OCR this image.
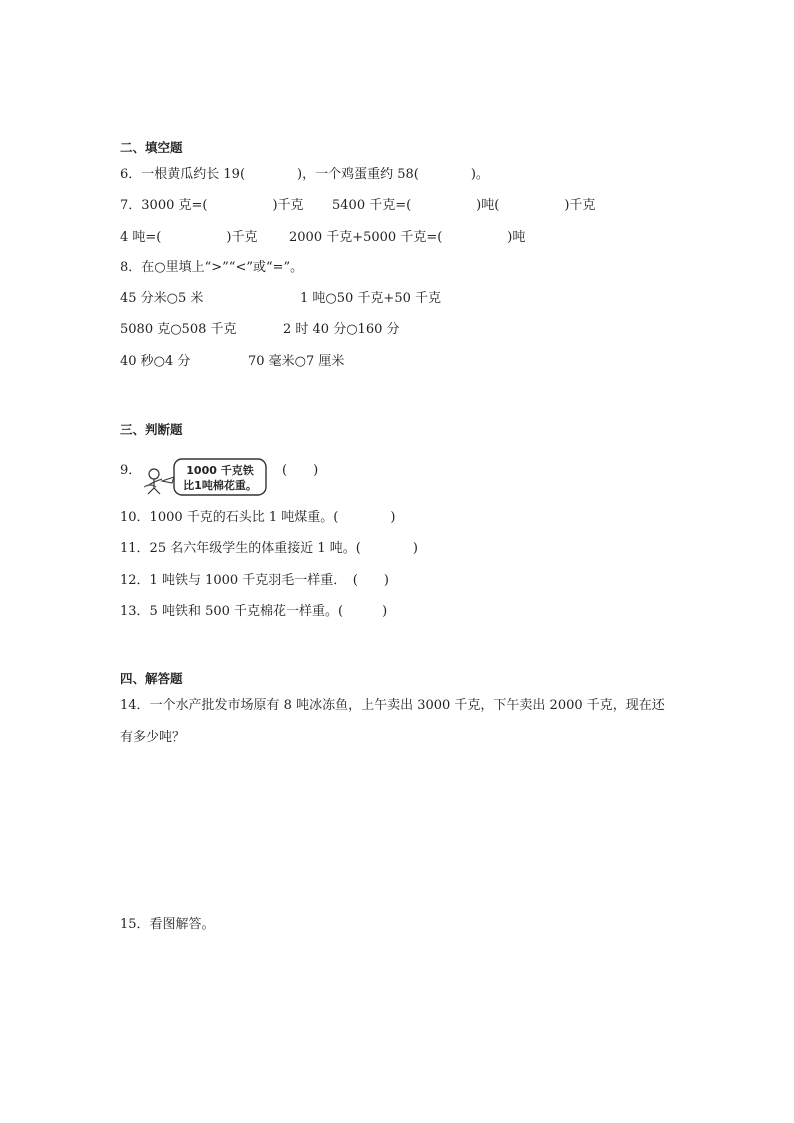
二、填空题
6．一根黄瓜约长 19(　　　　)，一个鸡蛋重约 58(　　　　)。
7．3000 克=(　　　　　)千克 5400 千克=(　　　　　)吨(　　　　　)千克
4 吨=(　　　　　)千克 2000 千克+5000 千克=(　　　　　)吨
8．在○里填上“>”“<”或“=”。
45 分米○5 米	1 吨○50 千克+50 千克
5080 克○508 千克	2 时 40 分○160 分
40 秒○4 分	70 毫米○7 厘米
三、判断题
9．	1000 千克铁
比1吨棉花重。
(　　)
10．1000 千克的石头比 1 吨煤重。(　　　　)
11．25 名六年级学生的体重接近 1 吨。(　　　　)
12．1 吨铁与 1000 千克羽毛一样重．　(　　)
13．5 吨铁和 500 千克棉花一样重。(　　　)
四、解答题
14．一个水产批发市场原有 8 吨冰冻鱼，上午卖出 3000 千克，下午卖出 2000 千克，现在还
有多少吨？
15．看图解答。
